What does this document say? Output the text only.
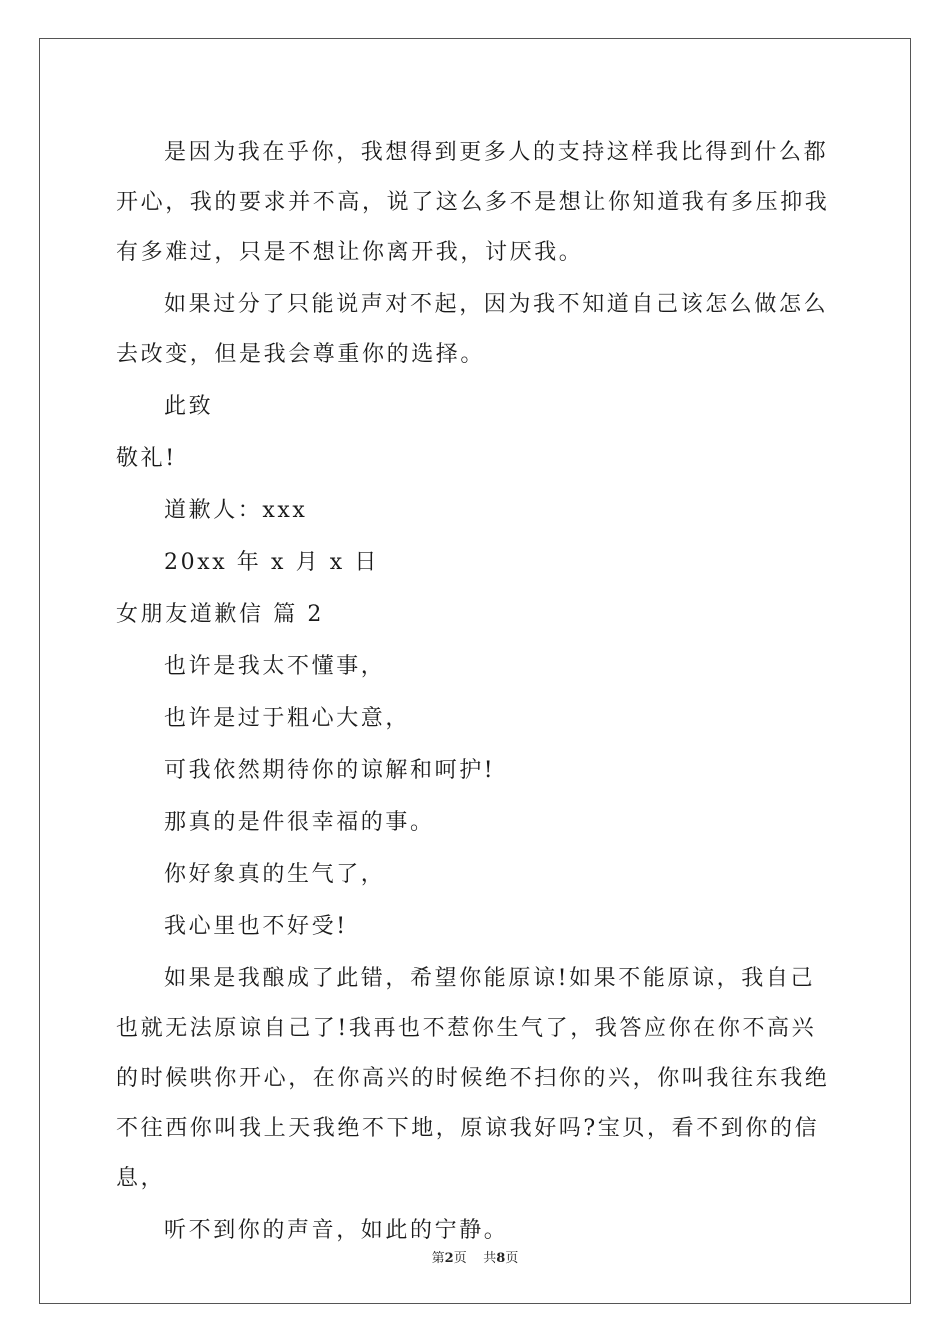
是因为我在乎你，我想得到更多人的支持这样我比得到什么都开心，我的要求并不高，说了这么多不是想让你知道我有多压抑我有多难过，只是不想让你离开我，讨厌我。

如果过分了只能说声对不起，因为我不知道自己该怎么做怎么去改变，但是我会尊重你的选择。

此致

敬礼!

道歉人：xxx

20xx 年 x 月 x 日

女朋友道歉信 篇 2

也许是我太不懂事，

也许是过于粗心大意，

可我依然期待你的谅解和呵护!

那真的是件很幸福的事。

你好象真的生气了，

我心里也不好受!

如果是我酿成了此错，希望你能原谅!如果不能原谅，我自己也就无法原谅自己了!我再也不惹你生气了，我答应你在你不高兴的时候哄你开心，在你高兴的时候绝不扫你的兴，你叫我往东我绝不往西你叫我上天我绝不下地，原谅我好吗?宝贝，看不到你的信息，

听不到你的声音，如此的宁静。

第2页 共8页
